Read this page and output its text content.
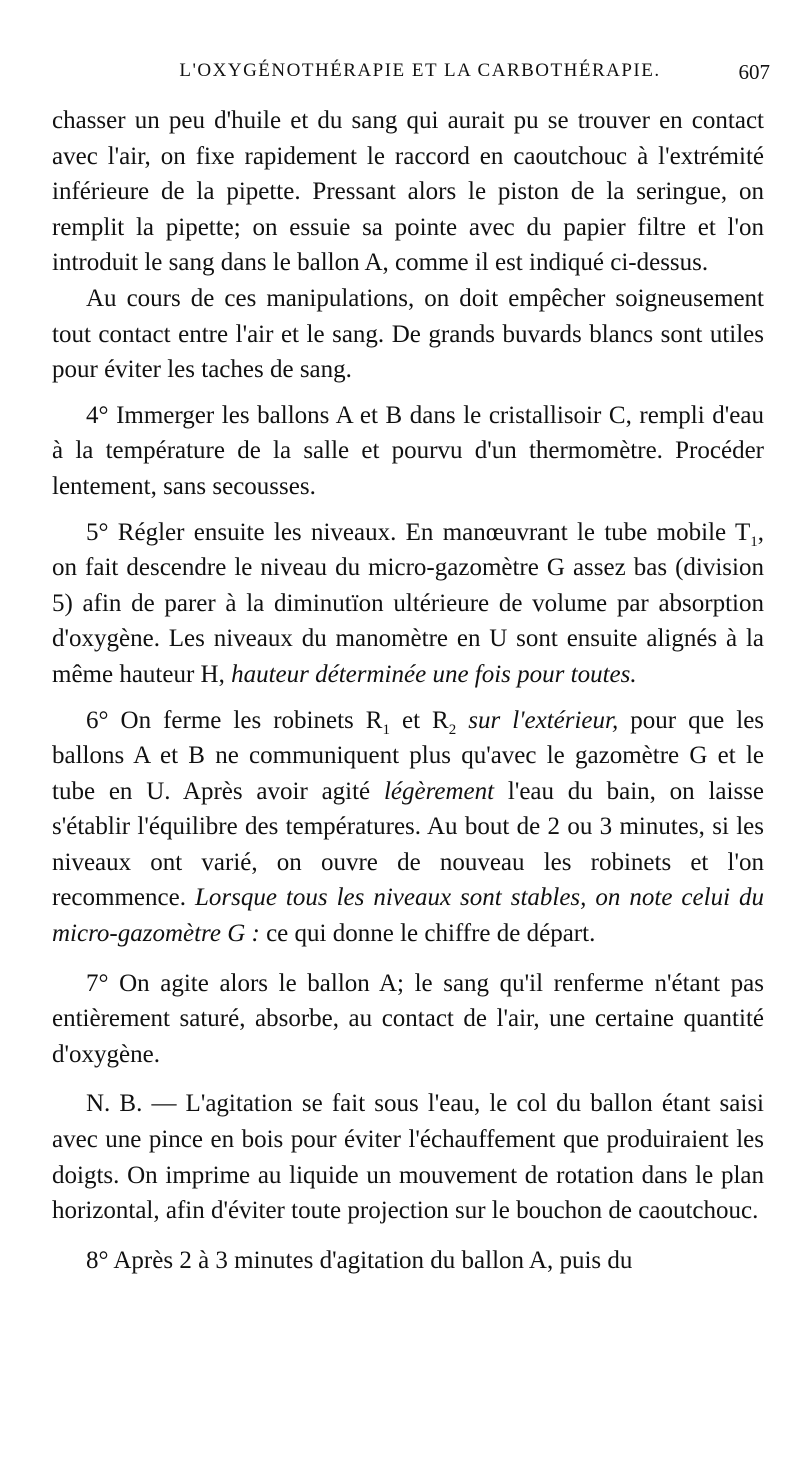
L'OXYGÉNOTHÉRAPIE ET LA CARBOTHÉRAPIE.	607

chasser un peu d'huile et du sang qui aurait pu se trouver en contact avec l'air, on fixe rapidement le raccord en caoutchouc à l'extrémité inférieure de la pipette. Pressant alors le piston de la seringue, on remplit la pipette; on essuie sa pointe avec du papier filtre et l'on introduit le sang dans le ballon A, comme il est indiqué ci-dessus.

Au cours de ces manipulations, on doit empêcher soigneusement tout contact entre l'air et le sang. De grands buvards blancs sont utiles pour éviter les taches de sang.

4° Immerger les ballons A et B dans le cristallisoir C, rempli d'eau à la température de la salle et pourvu d'un thermomètre. Procéder lentement, sans secousses.

5° Régler ensuite les niveaux. En manœuvrant le tube mobile $T_1$, on fait descendre le niveau du micro-gazomètre G assez bas (division 5) afin de parer à la diminutïon ultérieure de volume par absorption d'oxygène. Les niveaux du manomètre en U sont ensuite alignés à la même hauteur H, hauteur déterminée une fois pour toutes.

6° On ferme les robinets $R_1$ et $R_2$ sur l'extérieur, pour que les ballons A et B ne communiquent plus qu'avec le gazomètre G et le tube en U. Après avoir agité légèrement l'eau du bain, on laisse s'établir l'équilibre des températures. Au bout de 2 ou 3 minutes, si les niveaux ont varié, on ouvre de nouveau les robinets et l'on recommence. Lorsque tous les niveaux sont stables, on note celui du micro-gazomètre G : ce qui donne le chiffre de départ.

7° On agite alors le ballon A; le sang qu'il renferme n'étant pas entièrement saturé, absorbe, au contact de l'air, une certaine quantité d'oxygène.

N. B. — L'agitation se fait sous l'eau, le col du ballon étant saisi avec une pince en bois pour éviter l'échauffement que produiraient les doigts. On imprime au liquide un mouvement de rotation dans le plan horizontal, afin d'éviter toute projection sur le bouchon de caoutchouc.

8° Après 2 à 3 minutes d'agitation du ballon A, puis du
